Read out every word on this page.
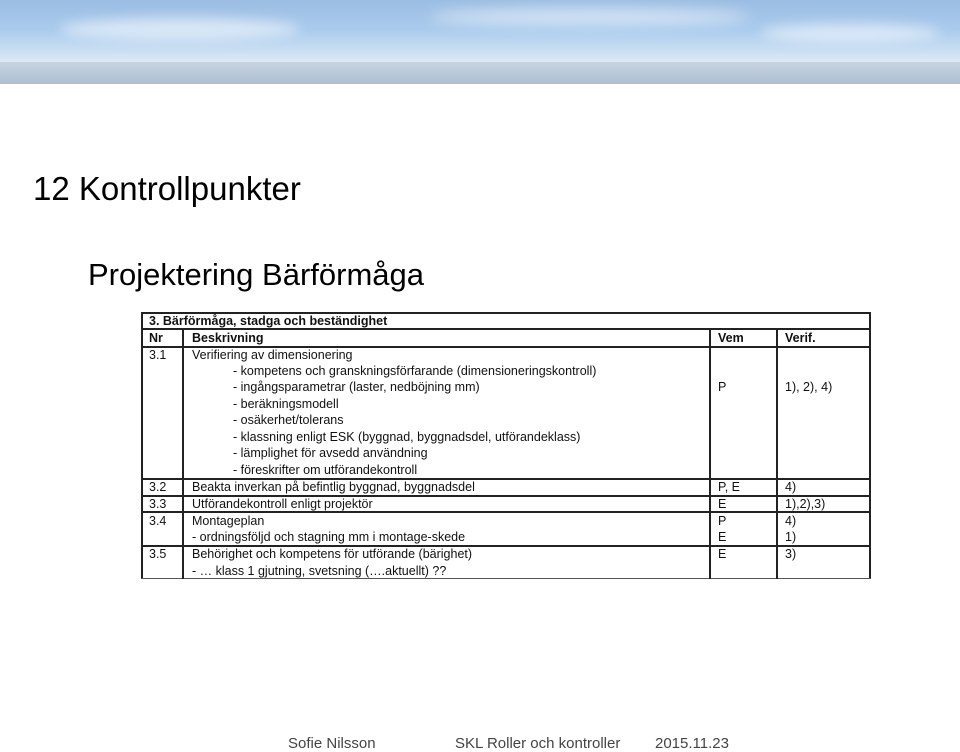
12 Kontrollpunkter
Projektering Bärförmåga
3. Bärförmåga, stadga och beständighet
Nr Beskrivning	Vem	Verif.
3.1 Verifiering av dimensionering
- kompetens och granskningsförfarande (dimensioneringskontroll)
- ingångsparametrar (laster, nedböjning mm)	P	1), 2), 4)
- beräkningsmodell
- osäkerhet/tolerans
- klassning enligt ESK (byggnad, byggnadsdel, utförandeklass)
- lämplighet för avsedd användning
- föreskrifter om utförandekontroll
3.2 Beakta inverkan på befintlig byggnad, byggnadsdel	P, E	4)
3.3 Utförandekontroll enligt projektör	E	1),2),3)
3.4 Montageplan	P	4)
- ordningsföljd och stagning mm i montage-skede	E	1)
3.5 Behörighet och kompetens för utförande (bärighet)	E	3)
- … klass 1 gjutning, svetsning (….aktuellt) ??
Sofie Nilsson	SKL Roller och kontroller 2015.11.23
